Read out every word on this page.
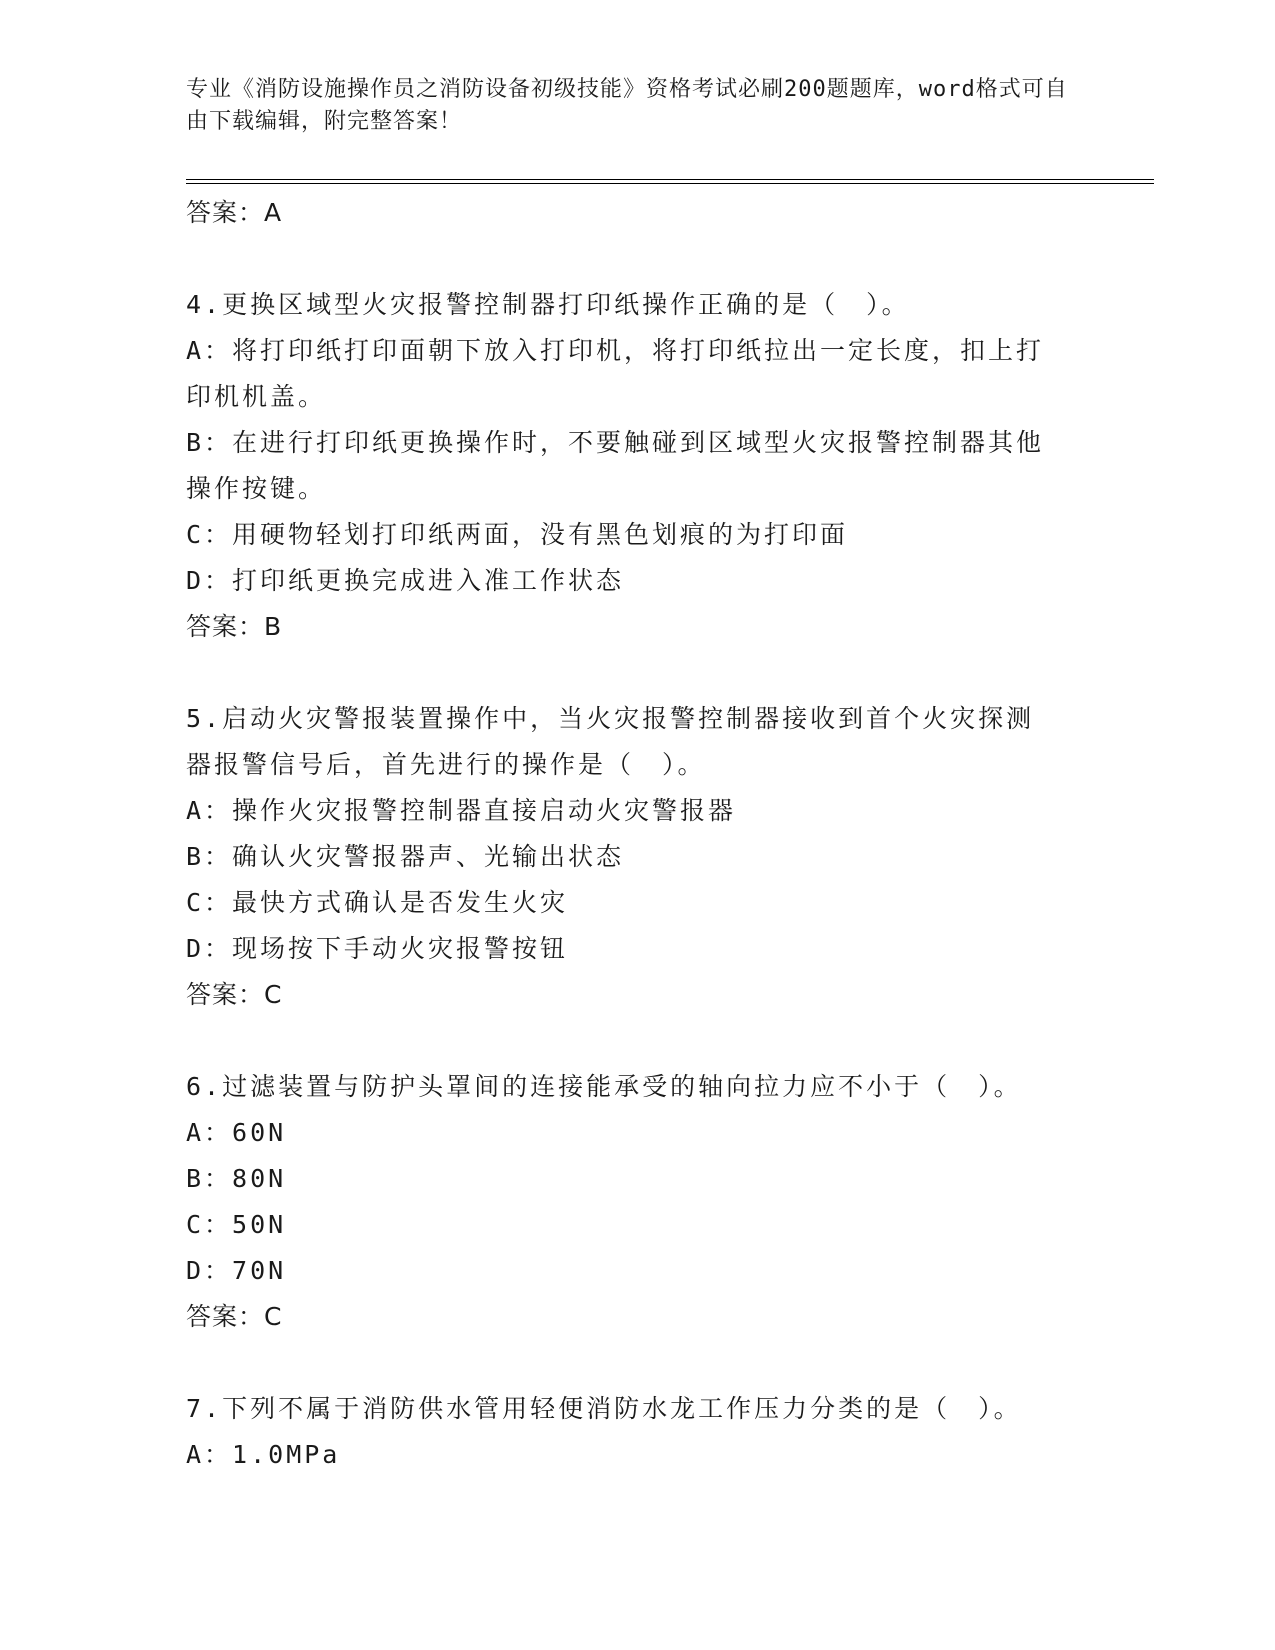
专业《消防设施操作员之消防设备初级技能》资格考试必刷200题题库，word格式可自由下载编辑，附完整答案！
答案：A
4.更换区域型火灾报警控制器打印纸操作正确的是（　）。
A：将打印纸打印面朝下放入打印机，将打印纸拉出一定长度，扣上打
印机机盖。
B：在进行打印纸更换操作时，不要触碰到区域型火灾报警控制器其他
操作按键。
C：用硬物轻划打印纸两面，没有黑色划痕的为打印面
D：打印纸更换完成进入准工作状态
答案：B
5.启动火灾警报装置操作中，当火灾报警控制器接收到首个火灾探测
器报警信号后，首先进行的操作是（　）。
A：操作火灾报警控制器直接启动火灾警报器
B：确认火灾警报器声、光输出状态
C：最快方式确认是否发生火灾
D：现场按下手动火灾报警按钮
答案：C
6.过滤装置与防护头罩间的连接能承受的轴向拉力应不小于（　）。
A：60N
B：80N
C：50N
D：70N
答案：C
7.下列不属于消防供水管用轻便消防水龙工作压力分类的是（　）。
A：1.0MPa
